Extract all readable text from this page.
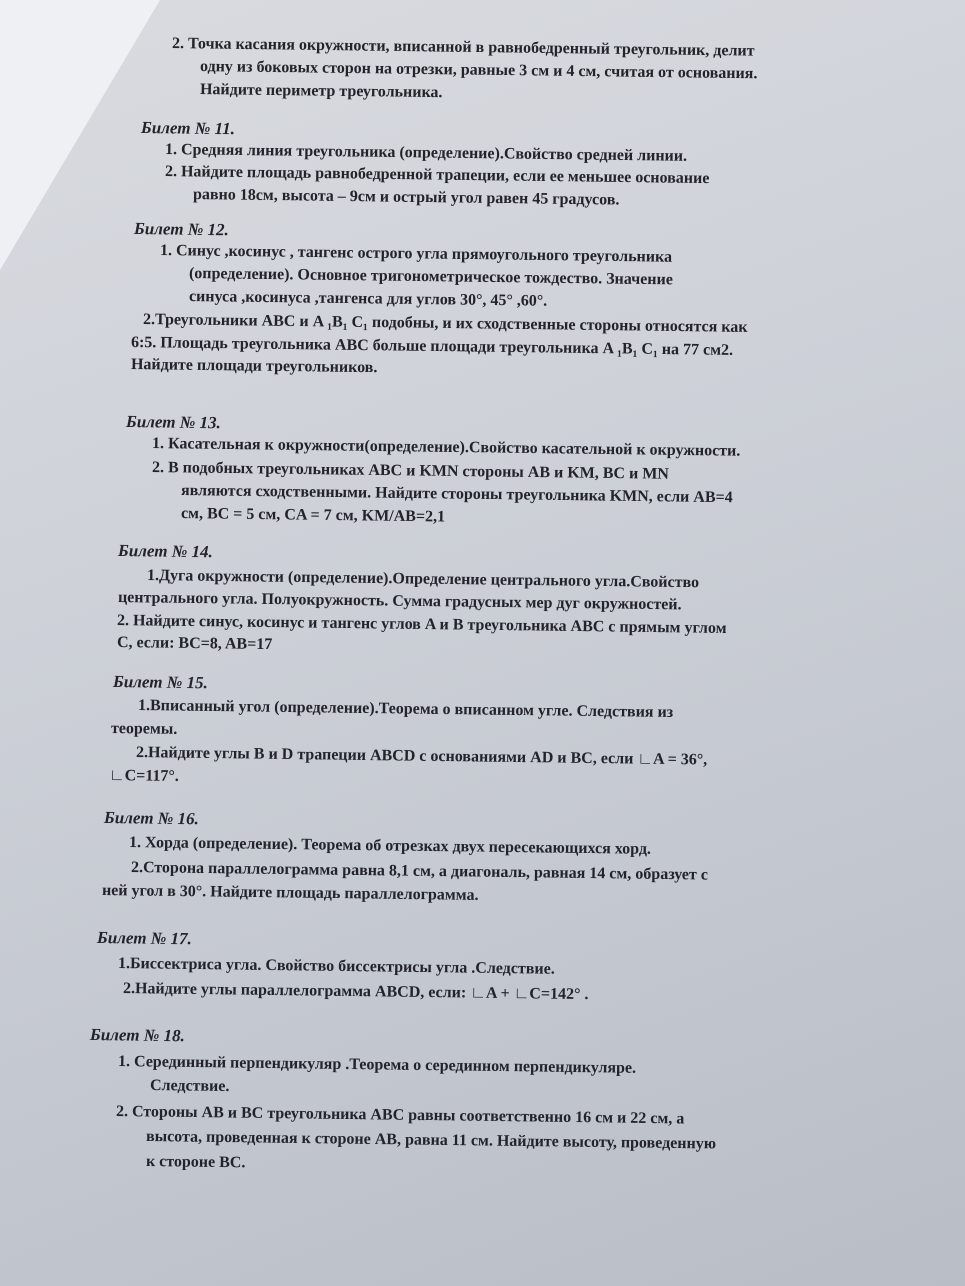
2. Точка касания окружности, вписанной в равнобедренный треугольник, делит
одну из боковых сторон на отрезки, равные 3 см и 4 см, считая от основания.
Найдите периметр треугольника.
Билет № 11.
1. Средняя линия треугольника (определение).Свойство средней линии.
2. Найдите площадь равнобедренной трапеции, если ее меньшее основание
равно 18см, высота – 9см и острый угол равен 45 градусов.
Билет № 12.
1. Синус ,косинус , тангенс острого угла прямоугольного треугольника
(определение). Основное тригонометрическое тождество. Значение
синуса ,косинуса ,тангенса для углов 30°, 45° ,60°.
2.Треугольники ABC и A ₁B₁ C₁ подобны, и их сходственные стороны относятся как
6:5. Площадь треугольника ABC больше площади треугольника A ₁B₁ C₁ на 77 см2.
Найдите площади треугольников.
Билет № 13.
1. Касательная к окружности(определение).Свойство касательной к окружности.
2. В подобных треугольниках ABC и KMN стороны AB и KM, BC и MN
являются сходственными. Найдите стороны треугольника KMN, если AB=4
см, BC = 5 см, CA = 7 см, KM/AB=2,1
Билет № 14.
1.Дуга окружности (определение).Определение центрального угла.Свойство
центрального угла. Полуокружность. Сумма градусных мер дуг окружностей.
2. Найдите синус, косинус и тангенс углов A и B треугольника ABC с прямым углом
C, если: BC=8, AB=17
Билет № 15.
1.Вписанный угол (определение).Теорема о вписанном угле. Следствия из
теоремы.
2.Найдите углы B и D трапеции ABCD с основаниями AD и BC, если ∟A = 36°,
∟C=117°.
Билет № 16.
1. Хорда (определение). Теорема об отрезках двух пересекающихся хорд.
2.Сторона параллелограмма равна 8,1 см, а диагональ, равная 14 см, образует с
ней угол в 30°. Найдите площадь параллелограмма.
Билет № 17.
1.Биссектриса угла. Свойство биссектрисы угла .Следствие.
2.Найдите углы параллелограмма ABCD, если: ∟A + ∟C=142° .
Билет № 18.
1. Серединный перпендикуляр .Теорема о серединном перпендикуляре.
Следствие.
2. Стороны AB и BC треугольника ABC равны соответственно 16 см и 22 см, а
высота, проведенная к стороне AB, равна 11 см. Найдите высоту, проведенную
к стороне BC.
